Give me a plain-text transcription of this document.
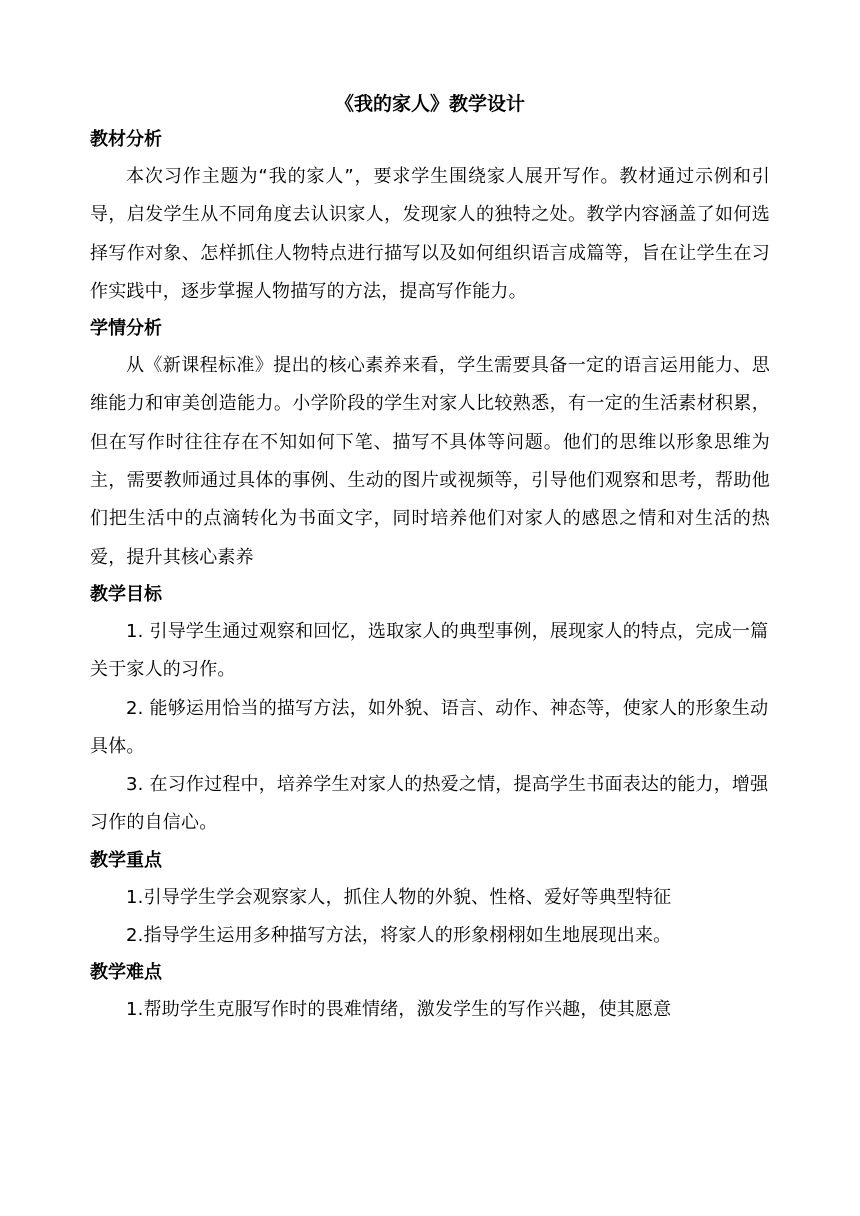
《我的家人》教学设计

教材分析

本次习作主题为“我的家人”，要求学生围绕家人展开写作。教材通过示例和引导，启发学生从不同角度去认识家人，发现家人的独特之处。教学内容涵盖了如何选择写作对象、怎样抓住人物特点进行描写以及如何组织语言成篇等，旨在让学生在习作实践中，逐步掌握人物描写的方法，提高写作能力。

学情分析

从《新课程标准》提出的核心素养来看，学生需要具备一定的语言运用能力、思维能力和审美创造能力。小学阶段的学生对家人比较熟悉，有一定的生活素材积累，但在写作时往往存在不知如何下笔、描写不具体等问题。他们的思维以形象思维为主，需要教师通过具体的事例、生动的图片或视频等，引导他们观察和思考，帮助他们把生活中的点滴转化为书面文字，同时培养他们对家人的感恩之情和对生活的热爱，提升其核心素养

教学目标

1. 引导学生通过观察和回忆，选取家人的典型事例，展现家人的特点，完成一篇关于家人的习作。

2. 能够运用恰当的描写方法，如外貌、语言、动作、神态等，使家人的形象生动具体。

3. 在习作过程中，培养学生对家人的热爱之情，提高学生书面表达的能力，增强习作的自信心。

教学重点

1.引导学生学会观察家人，抓住人物的外貌、性格、爱好等典型特征

2.指导学生运用多种描写方法，将家人的形象栩栩如生地展现出来。

教学难点

1.帮助学生克服写作时的畏难情绪，激发学生的写作兴趣，使其愿意
